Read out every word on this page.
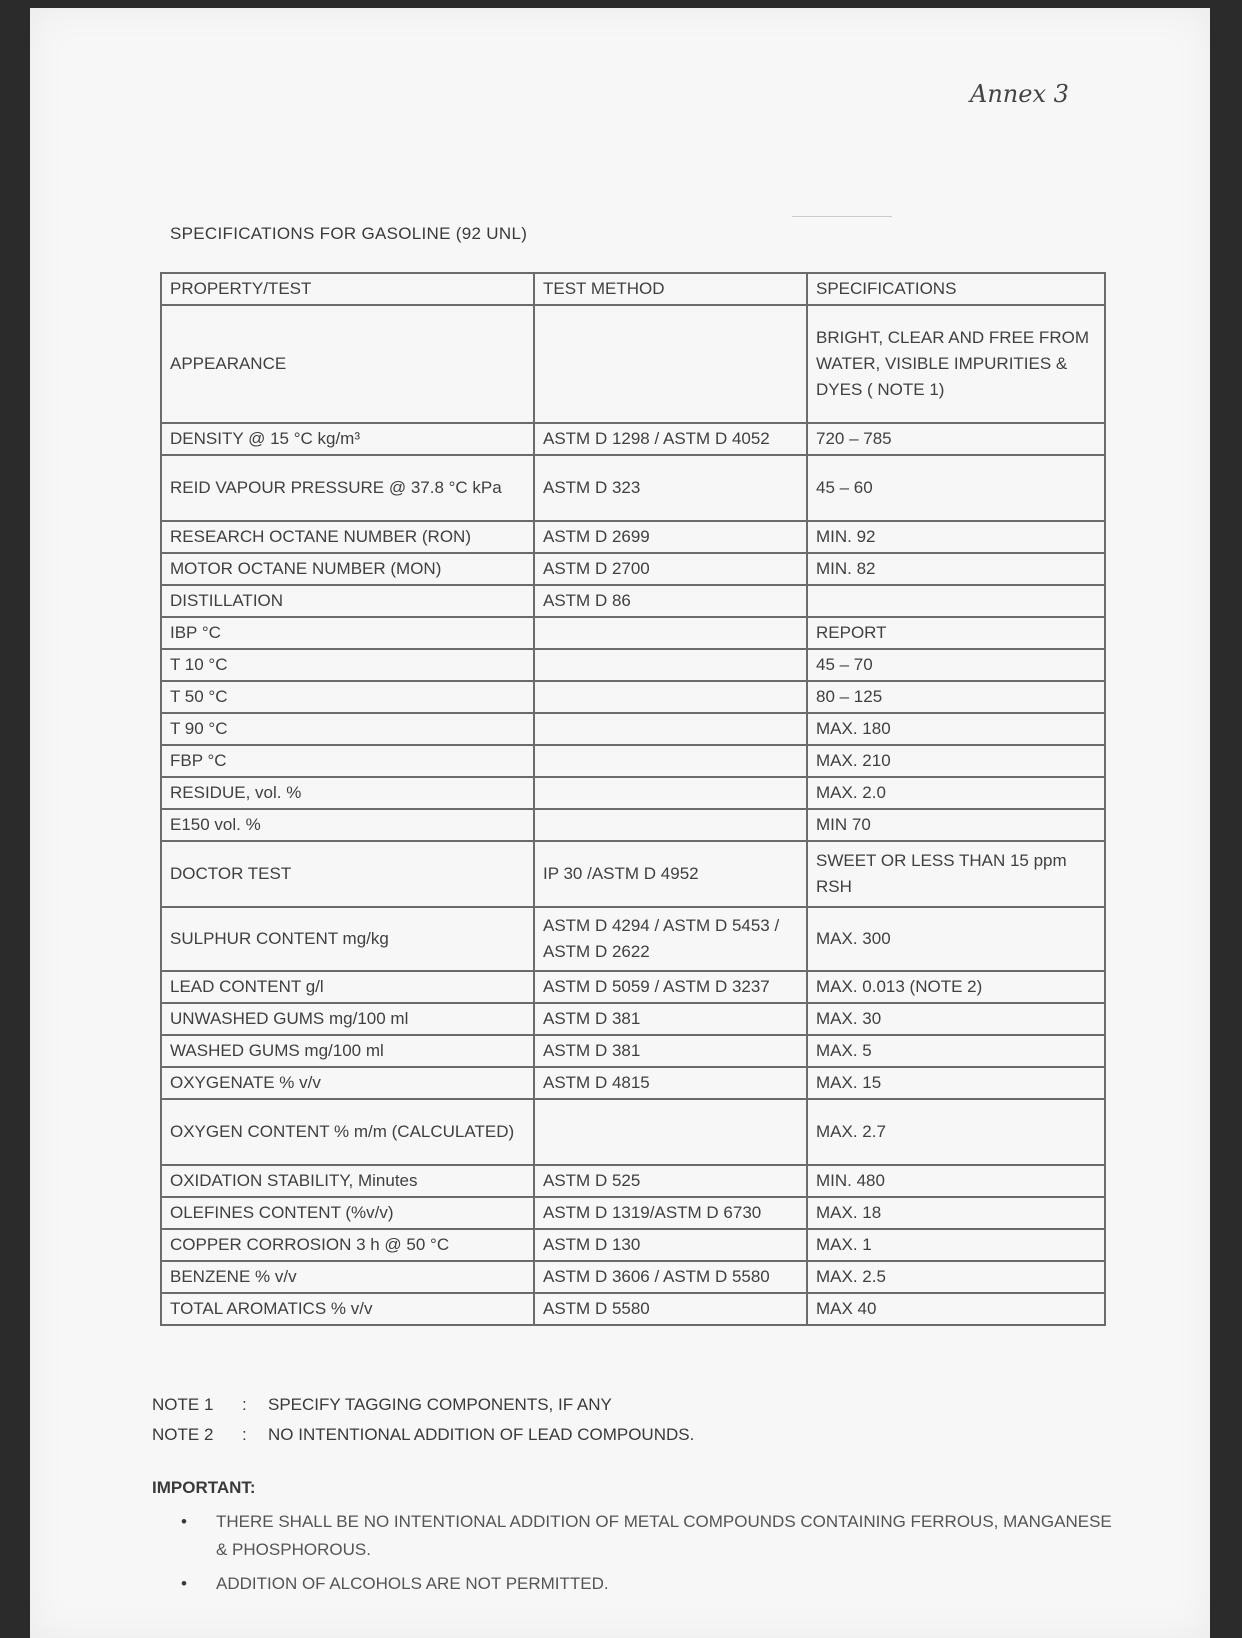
Annex 3
SPECIFICATIONS FOR GASOLINE (92 UNL)
PROPERTY/TEST	TEST METHOD	SPECIFICATIONS
APPEARANCE		BRIGHT, CLEAR AND FREE FROM WATER, VISIBLE IMPURITIES & DYES ( NOTE 1)
DENSITY @ 15 °C kg/m³	ASTM D 1298 / ASTM D 4052	720 – 785
REID VAPOUR PRESSURE @ 37.8 °C kPa	ASTM D 323	45 – 60
RESEARCH OCTANE NUMBER (RON)	ASTM D 2699	MIN. 92
MOTOR OCTANE NUMBER (MON)	ASTM D 2700	MIN. 82
DISTILLATION	ASTM D 86	
IBP °C		REPORT
T 10 °C		45 – 70
T 50 °C		80 – 125
T 90 °C		MAX. 180
FBP °C		MAX. 210
RESIDUE, vol. %		MAX. 2.0
E150 vol. %		MIN 70
DOCTOR TEST	IP 30 /ASTM D 4952	SWEET OR LESS THAN 15 ppm RSH
SULPHUR CONTENT mg/kg	ASTM D 4294 / ASTM D 5453 / ASTM D 2622	MAX. 300
LEAD CONTENT g/l	ASTM D 5059 / ASTM D 3237	MAX. 0.013 (NOTE 2)
UNWASHED GUMS mg/100 ml	ASTM D 381	MAX. 30
WASHED GUMS mg/100 ml	ASTM D 381	MAX. 5
OXYGENATE % v/v	ASTM D 4815	MAX. 15
OXYGEN CONTENT % m/m (CALCULATED)		MAX. 2.7
OXIDATION STABILITY, Minutes	ASTM D 525	MIN. 480
OLEFINES CONTENT (%v/v)	ASTM D 1319/ASTM D 6730	MAX. 18
COPPER CORROSION 3 h @ 50 °C	ASTM D 130	MAX. 1
BENZENE % v/v	ASTM D 3606 / ASTM D 5580	MAX. 2.5
TOTAL AROMATICS % v/v	ASTM D 5580	MAX 40
NOTE 1	:	SPECIFY TAGGING COMPONENTS, IF ANY
NOTE 2	:	NO INTENTIONAL ADDITION OF LEAD COMPOUNDS.
IMPORTANT:
•	THERE SHALL BE NO INTENTIONAL ADDITION OF METAL COMPOUNDS CONTAINING FERROUS, MANGANESE & PHOSPHOROUS.
•	ADDITION OF ALCOHOLS ARE NOT PERMITTED.
